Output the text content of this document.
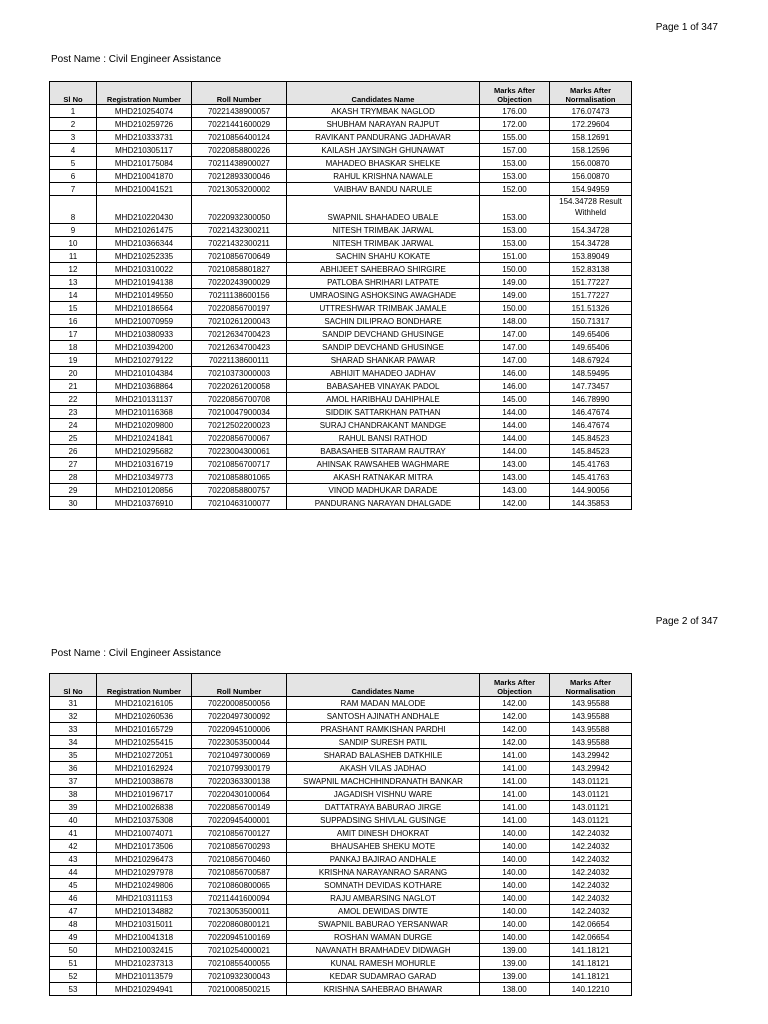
Page 1 of 347
Post Name : Civil Engineer Assistance
Sl No	Registration Number	Roll Number	Candidates Name	Marks After Objection	Marks After Normalisation
1	MHD210254074	70221438900057	AKASH TRYMBAK NAGLOD	176.00	176.07473
2	MHD210259726	70221441600029	SHUBHAM NARAYAN RAJPUT	172.00	172.29604
3	MHD210333731	70210856400124	RAVIKANT PANDURANG JADHAVAR	155.00	158.12691
4	MHD210305117	70220858800226	KAILASH JAYSINGH GHUNAWAT	157.00	158.12596
5	MHD210175084	70211438900027	MAHADEO BHASKAR SHELKE	153.00	156.00870
6	MHD210041870	70212893300046	RAHUL KRISHNA NAWALE	153.00	156.00870
7	MHD210041521	70213053200002	VAIBHAV BANDU NARULE	152.00	154.94959
8	MHD210220430	70220932300050	SWAPNIL SHAHADEO UBALE	153.00	154.34728 Result Withheld
9	MHD210261475	70221432300211	NITESH TRIMBAK JARWAL	153.00	154.34728
10	MHD210366344	70221432300211	NITESH TRIMBAK JARWAL	153.00	154.34728
11	MHD210252335	70210856700649	SACHIN SHAHU KOKATE	151.00	153.89049
12	MHD210310022	70210858801827	ABHIJEET SAHEBRAO SHIRGIRE	150.00	152.83138
13	MHD210194138	70220243900029	PATLOBA SHRIHARI LATPATE	149.00	151.77227
14	MHD210149550	70211138600156	UMRAOSING ASHOKSING AWAGHADE	149.00	151.77227
15	MHD210186564	70220856700197	UTTRESHWAR TRIMBAK JAMALE	150.00	151.51326
16	MHD210070959	70210261200043	SACHIN DILIPRAO BONDHARE	148.00	150.71317
17	MHD210380933	70212634700423	SANDIP DEVCHAND GHUSINGE	147.00	149.65406
18	MHD210394200	70212634700423	SANDIP DEVCHAND GHUSINGE	147.00	149.65406
19	MHD210279122	70221138600111	SHARAD SHANKAR PAWAR	147.00	148.67924
20	MHD210104384	70210373000003	ABHIJIT MAHADEO JADHAV	146.00	148.59495
21	MHD210368864	70220261200058	BABASAHEB VINAYAK PADOL	146.00	147.73457
22	MHD210131137	70220856700708	AMOL HARIBHAU DAHIPHALE	145.00	146.78990
23	MHD210116368	70210047900034	SIDDIK SATTARKHAN PATHAN	144.00	146.47674
24	MHD210209800	70212502200023	SURAJ CHANDRAKANT MANDGE	144.00	146.47674
25	MHD210241841	70220856700067	RAHUL BANSI RATHOD	144.00	145.84523
26	MHD210295682	70223004300061	BABASAHEB SITARAM RAUTRAY	144.00	145.84523
27	MHD210316719	70210856700717	AHINSAK RAWSAHEB WAGHMARE	143.00	145.41763
28	MHD210349773	70210858801065	AKASH RATNAKAR MITRA	143.00	145.41763
29	MHD210120856	70220858800757	VINOD MADHUKAR DARADE	143.00	144.90056
30	MHD210376910	70210463100077	PANDURANG NARAYAN DHALGADE	142.00	144.35853
Page 2 of 347
Post Name : Civil Engineer Assistance
Sl No	Registration Number	Roll Number	Candidates Name	Marks After Objection	Marks After Normalisation
31	MHD210216105	70220008500056	RAM MADAN MALODE	142.00	143.95588
32	MHD210260536	70220497300092	SANTOSH AJINATH ANDHALE	142.00	143.95588
33	MHD210165729	70220945100006	PRASHANT RAMKISHAN PARDHI	142.00	143.95588
34	MHD210255415	70223053500044	SANDIP SURESH PATIL	142.00	143.95588
35	MHD210272051	70210497300069	SHARAD BALASHEB DATKHILE	141.00	143.29942
36	MHD210162924	70210799300179	AKASH VILAS JADHAO	141.00	143.29942
37	MHD210038678	70220363300138	SWAPNIL MACHCHHINDRANATH BANKAR	141.00	143.01121
38	MHD210196717	70220430100064	JAGADISH VISHNU WARE	141.00	143.01121
39	MHD210026838	70220856700149	DATTATRAYA BABURAO JIRGE	141.00	143.01121
40	MHD210375308	70220945400001	SUPPADSING SHIVLAL GUSINGE	141.00	143.01121
41	MHD210074071	70210856700127	AMIT DINESH DHOKRAT	140.00	142.24032
42	MHD210173506	70210856700293	BHAUSAHEB SHEKU MOTE	140.00	142.24032
43	MHD210296473	70210856700460	PANKAJ BAJIRAO ANDHALE	140.00	142.24032
44	MHD210297978	70210856700587	KRISHNA NARAYANRAO SARANG	140.00	142.24032
45	MHD210249806	70210860800065	SOMNATH DEVIDAS KOTHARE	140.00	142.24032
46	MHD210311153	70211441600094	RAJU AMBARSING NAGLOT	140.00	142.24032
47	MHD210134882	70213053500011	AMOL DEWIDAS DIWTE	140.00	142.24032
48	MHD210315011	70220860800121	SWAPNIL BABURAO YERSANWAR	140.00	142.06654
49	MHD210041318	70220945100169	ROSHAN WAMAN DURGE	140.00	142.06654
50	MHD210032415	70210254000021	NAVANATH BRAMHADEV DIDWAGH	139.00	141.18121
51	MHD210237313	70210855400055	KUNAL RAMESH MOHURLE	139.00	141.18121
52	MHD210113579	70210932300043	KEDAR SUDAMRAO GARAD	139.00	141.18121
53	MHD210294941	70210008500215	KRISHNA SAHEBRAO BHAWAR	138.00	140.12210
